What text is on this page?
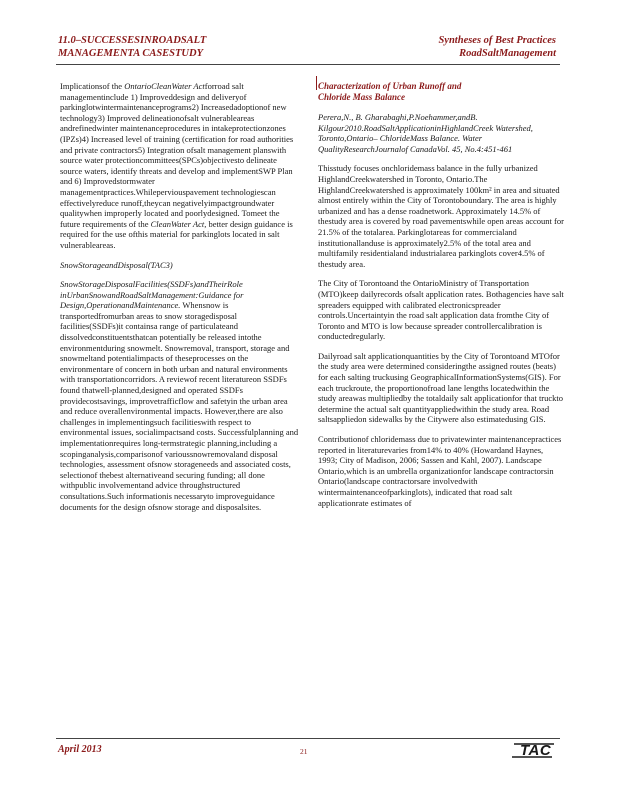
11.0–SUCCESSESINROADSALT
MANAGEMENTA CASESTUDY
Syntheses of Best Practices
RoadSaltManagement

Implicationsof the OntarioCleanWater Actforroad salt managementinclude 1) Improveddesign and deliveryof parkinglotwintermaintenanceprograms2) Increasedadoptionof new technology3) Improved delineationofsalt vulnerableareas andrefinedwinter maintenanceprocedures in intakeprotectionzones (IPZs)4) Increased level of training (certification for road authorities and private contractors5) Integration ofsalt management planswith source water protectioncommittees(SPCs)objectivesto delineate source waters, identify threats and develop and implementSWP Plan and 6) Improvedstormwater managementpractices.Whileperviouspavement technologiescan effectivelyreduce runoff,theycan negativelyimpactgroundwater qualitywhen improperly located and poorlydesigned. Tomeet the future requirements of the CleanWater Act, better design guidance is required for the use ofthis material for parkinglots located in salt vulnerableareas.

SnowStorageandDisposal(TAC3)

SnowStorageDisposalFacilities(SSDFs)andTheirRole inUrbanSnowandRoadSaltManagement:Guidance for Design,OperationandMaintenance. Whensnow is transportedfromurban areas to snow storagedisposal facilities(SSDFs)it containsa range of particulateand dissolvedconstituentsthatcan potentially be released intothe environmentduring snowmelt. Snowremoval, transport, storage and snowmeltand potentialimpacts of theseprocesses on the environmentare of concern in both urban and natural environments with transportationcorridors. A reviewof recent literatureon SSDFs found thatwell-planned,designed and operated SSDFs providecostsavings, improvetrafficflow and safetyin the urban area and reduce overallenvironmental impacts. However,there are also challenges in implementingsuch facilitieswith respect to environmental issues, socialimpactsand costs. Successfulplanning and implementationrequires long-termstrategic planning,including a scopinganalysis,comparisonof varioussnowremovaland disposal technologies, assessment ofsnow storageneeds and associated costs, selectionof thebest alternativeand securing funding; all done withpublic involvementand advice throughstructured consultations.Such informationis necessaryto improveguidance documents for the design ofsnow storage and disposalsites.

Characterization of Urban Runoff and
Chloride Mass Balance

Perera,N., B. Gharabaghi,P.Noehammer,andB. Kilgour2010.RoadSaltApplicationinHighlandCreek Watershed, Toronto,Ontario– ChlorideMass Balance. Water QualityResearchJournalof CanadaVol. 45, No.4:451-461

Thisstudy focuses onchloridemass balance in the fully urbanized HighlandCreekwatershed in Toronto, Ontario.The HighlandCreekwatershed is approximately 100km² in area and situated almost entirely within the City of Torontoboundary. The area is highly urbanized and has a dense roadnetwork. Approximately 14.5% of thestudy area is covered by road pavementswhile open areas account for 21.5% of the totalarea. Parkinglotareas for commercialand institutionallanduse is approximately2.5% of the total area and multifamily residentialand industrialarea parkinglots cover4.5% of thestudy area.

The City of Torontoand the OntarioMinistry of Transportation (MTO)keep dailyrecords ofsalt application rates. Bothagencies have salt spreaders equipped with calibrated electronicspreader controls.Uncertaintyin the road salt application data fromthe City of Toronto and MTO is low because spreader controllercalibration is conductedregularly.

Dailyroad salt applicationquantities by the City of Torontoand MTOfor the study area were determined consideringthe assigned routes (beats) for each salting truckusing GeographicalInformationSystems(GIS). For each truckroute, the proportionofroad lane lengths locatedwithin the study areawas multipliedby the totaldaily salt applicationfor that truckto determine the actual salt quantityappliedwithin the study area. Road saltsappliedon sidewalks by the Citywere also estimatedusing GIS.

Contributionof chloridemass due to privatewinter maintenancepractices reported in literaturevaries from14% to 40% (Howardand Haynes, 1993; City of Madison, 2006; Sassen and Kahl, 2007). Landscape Ontario,which is an umbrella organizationfor landscape contractorsin Ontario(landscape contractorsare involvedwith wintermaintenanceofparkinglots), indicated that road salt applicationrate estimates of

April 2013	21	TAC
